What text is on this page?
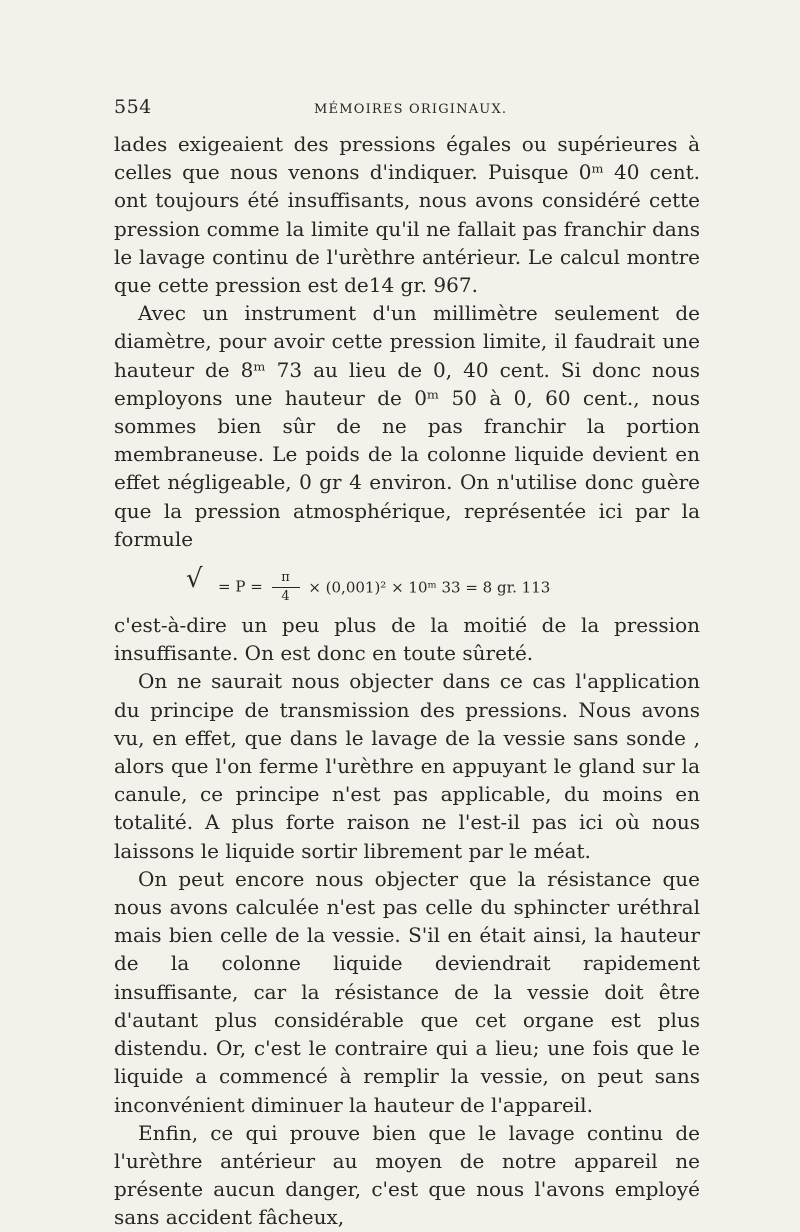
554	MÉMOIRES ORIGINAUX.

lades exigeaient des pressions égales ou supérieures à celles que nous venons d'indiquer. Puisque 0ᵐ 40 cent. ont toujours été insuffisants, nous avons considéré cette pression comme la limite qu'il ne fallait pas franchir dans le lavage continu de l'urèthre antérieur. Le calcul montre que cette pression est de14 gr. 967.

Avec un instrument d'un millimètre seulement de diamètre, pour avoir cette pression limite, il faudrait une hauteur de 8ᵐ 73 au lieu de 0, 40 cent. Si donc nous employons une hauteur de 0ᵐ 50 à 0, 60 cent., nous sommes bien sûr de ne pas franchir la portion membraneuse. Le poids de la colonne liquide devient en effet négligeable, 0 gr 4 environ. On n'utilise donc guère que la pression atmosphérique, représentée ici par la formule

√ = $P = \frac{\pi}{4} \times (0,001)^2$ × 10ᵐ 33 = 8 gr. 113

c'est-à-dire un peu plus de la moitié de la pression insuffisante. On est donc en toute sûreté.

On ne saurait nous objecter dans ce cas l'application du principe de transmission des pressions. Nous avons vu, en effet, que dans le lavage de la vessie sans sonde , alors que l'on ferme l'urèthre en appuyant le gland sur la canule, ce principe n'est pas applicable, du moins en totalité. A plus forte raison ne l'est-il pas ici où nous laissons le liquide sortir librement par le méat.

On peut encore nous objecter que la résistance que nous avons calculée n'est pas celle du sphincter uréthral mais bien celle de la vessie. S'il en était ainsi, la hauteur de la colonne liquide deviendrait rapidement insuffisante, car la résistance de la vessie doit être d'autant plus considérable que cet organe est plus distendu. Or, c'est le contraire qui a lieu; une fois que le liquide a commencé à remplir la vessie, on peut sans inconvénient diminuer la hauteur de l'appareil.

Enfin, ce qui prouve bien que le lavage continu de l'urèthre antérieur au moyen de notre appareil ne présente aucun danger, c'est que nous l'avons employé sans accident fâcheux,
